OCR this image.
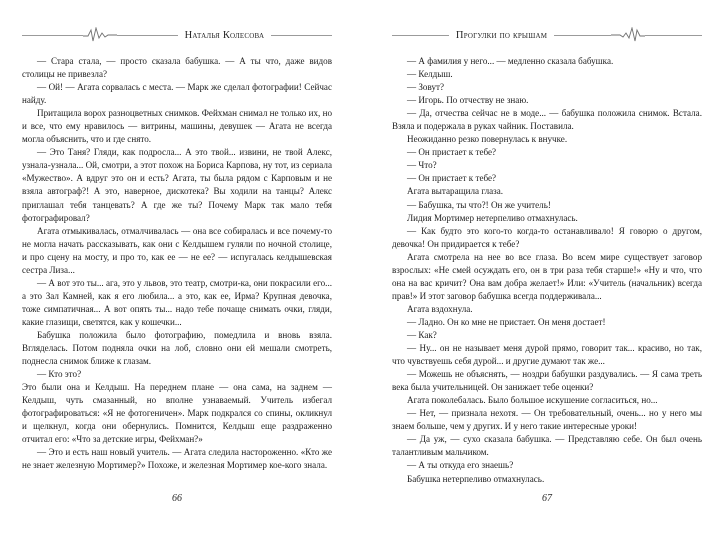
Наталья Колесова

— Стара стала, — просто сказала бабушка. — А ты что, даже видов столицы не привезла?

— Ой! — Агата сорвалась с места. — Марк же сделал фотографии! Сейчас найду.

Притащила ворох разноцветных снимков. Фейхман снимал не только их, но и все, что ему нравилось — витрины, машины, девушек — Агата не всегда могла объяснить, что и где снято.

— Это Таня? Гляди, как подросла... А это твой... извини, не твой Алекс, узнала-узнала... Ой, смотри, а этот похож на Бориса Карпова, ну тот, из сериала «Мужество». А вдруг это он и есть? Агата, ты была рядом с Карповым и не взяла автограф?! А это, наверное, дискотека? Вы ходили на танцы? Алекс приглашал тебя танцевать? А где же ты? Почему Марк так мало тебя фотографировал?

Агата отмыкивалась, отмалчивалась — она все собиралась и все почему-то не могла начать рассказывать, как они с Келдышем гуляли по ночной столице, и про сцену на мосту, и про то, как ее — не ее? — испугалась келдышевская сестра Лиза...

— А вот это ты... ага, это у львов, это театр, смотри-ка, они покрасили его... а это Зал Камней, как я его любила... а это, как ее, Ирма? Крупная девочка, тоже симпатичная... А вот опять ты... надо тебе почаще снимать очки, гляди, какие глазищи, светятся, как у кошечки...

Бабушка положила было фотографию, помедлила и вновь взяла. Вгляделась. Потом подняла очки на лоб, словно они ей мешали смотреть, поднесла снимок ближе к глазам.

— Кто это?

Это были она и Келдыш. На переднем плане — она сама, на заднем — Келдыш, чуть смазанный, но вполне узнаваемый. Учитель избегал фотографироваться: «Я не фотогеничен». Марк подкрался со спины, окликнул и щелкнул, когда они обернулись. Помнится, Келдыш еще раздраженно отчитал его: «Что за детские игры, Фейхман?»

— Это и есть наш новый учитель. — Агата следила настороженно. «Кто же не знает железную Мортимер?» Похоже, и железная Мортимер кое-кого знала.

66
Прогулки по крышам

— А фамилия у него... — медленно сказала бабушка.

— Келдыш.

— Зовут?

— Игорь. По отчеству не знаю.

— Да, отчества сейчас не в моде... — бабушка положила снимок. Встала. Взяла и подержала в руках чайник. Поставила.

Неожиданно резко повернулась к внучке.

— Он пристает к тебе?

— Что?

— Он пристает к тебе?

Агата вытаращила глаза.

— Бабушка, ты что?! Он же учитель!

Лидия Мортимер нетерпеливо отмахнулась.

— Как будто это кого-то когда-то останавливало! Я говорю о другом, девочка! Он придирается к тебе?

Агата смотрела на нее во все глаза. Во всем мире существует заговор взрослых: «Не смей осуждать его, он в три раза тебя старше!» «Ну и что, что она на вас кричит? Она вам добра желает!» Или: «Учитель (начальник) всегда прав!» И этот заговор бабушка всегда поддерживала...

Агата вздохнула.

— Ладно. Он ко мне не пристает. Он меня достает!

— Как?

— Ну... он не называет меня дурой прямо, говорит так... красиво, но так, что чувствуешь себя дурой... и другие думают так же...

— Можешь не объяснять, — ноздри бабушки раздувались. — Я сама треть века была учительницей. Он занижает тебе оценки?

Агата поколебалась. Было большое искушение согласиться, но...

— Нет, — признала нехотя. — Он требовательный, очень... но у него мы знаем больше, чем у других. И у него такие интересные уроки!

— Да уж, — сухо сказала бабушка. — Представляю себе. Он был очень талантливым мальчиком.

— А ты откуда его знаешь?

Бабушка нетерпеливо отмахнулась.

67
